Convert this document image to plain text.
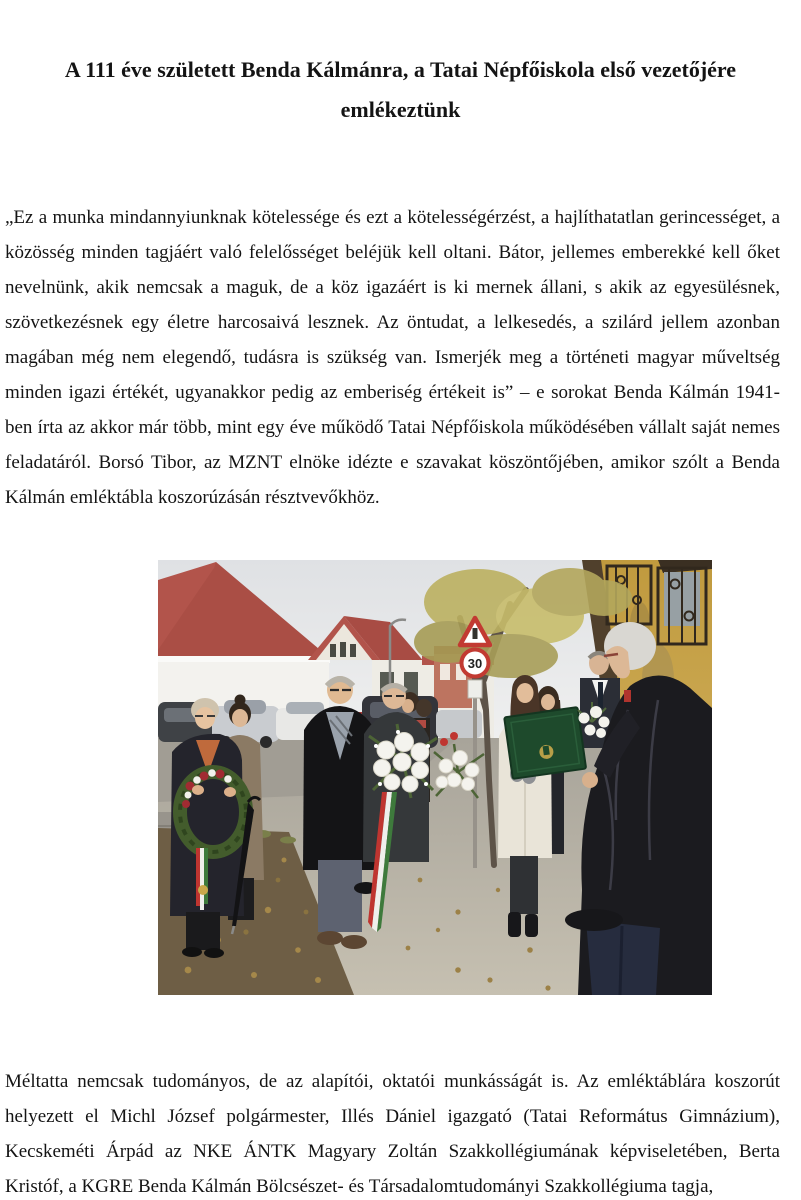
A 111 éve született Benda Kálmánra, a Tatai Népfőiskola első vezetőjére
emlékeztünk

„Ez a munka mindannyiunknak kötelessége és ezt a kötelességérzést, a hajlíthatatlan gerincességet, a közösség minden tagjáért való felelősséget beléjük kell oltani. Bátor, jellemes emberekké kell őket nevelnünk, akik nemcsak a maguk, de a köz igazáért is ki mernek állani, s akik az egyesülésnek, szövetkezésnek egy életre harcosaivá lesznek. Az öntudat, a lelkesedés, a szilárd jellem azonban magában még nem elegendő, tudásra is szükség van. Ismerjék meg a történeti magyar műveltség minden igazi értékét, ugyanakkor pedig az emberiség értékeit is” – e sorokat Benda Kálmán 1941-ben írta az akkor már több, mint egy éve működő Tatai Népfőiskola működésében vállalt saját nemes feladatáról. Borsó Tibor, az MZNT elnöke idézte e szavakat köszöntőjében, amikor szólt a Benda Kálmán emléktábla koszorúzásán résztvevőkhöz.

30

Méltatta nemcsak tudományos, de az alapítói, oktatói munkásságát is. Az emléktáblára koszorút helyezett el Michl József polgármester, Illés Dániel igazgató (Tatai Református Gimnázium), Kecskeméti Árpád az NKE ÁNTK Magyary Zoltán Szakkollégiumának képviseletében, Berta Kristóf, a KGRE Benda Kálmán Bölcsészet- és Társadalomtudományi Szakkollégiuma tagja,
